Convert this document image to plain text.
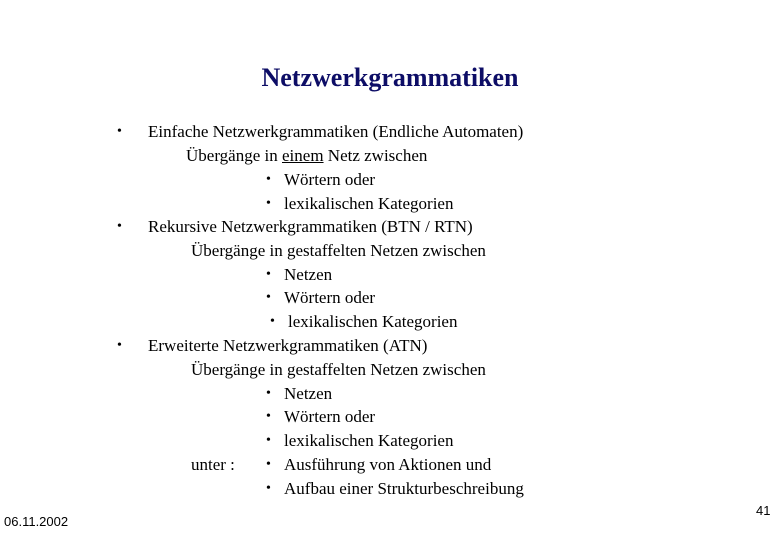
Netzwerkgrammatiken
• Einfache Netzwerkgrammatiken (Endliche Automaten)
Übergänge in einem Netz zwischen
• Wörtern oder
• lexikalischen Kategorien
• Rekursive Netzwerkgrammatiken (BTN / RTN)
Übergänge in gestaffelten Netzen zwischen
• Netzen
• Wörtern oder
• lexikalischen Kategorien
• Erweiterte Netzwerkgrammatiken (ATN)
Übergänge in gestaffelten Netzen zwischen
• Netzen
• Wörtern oder
• lexikalischen Kategorien
unter : • Ausführung von Aktionen und
• Aufbau einer Strukturbeschreibung
06.11.2002
41
